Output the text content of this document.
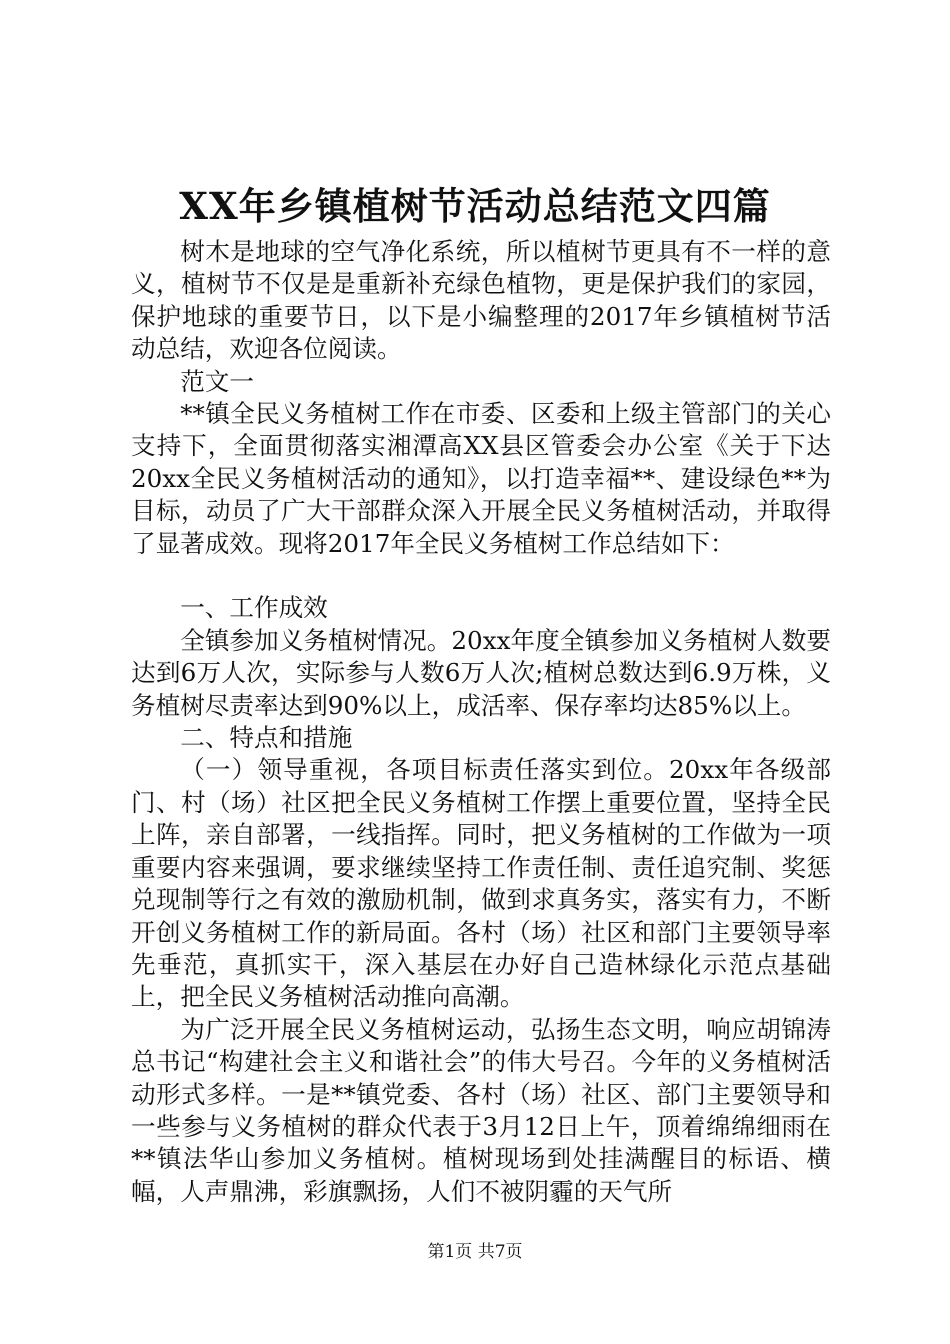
XX年乡镇植树节活动总结范文四篇

树木是地球的空气净化系统，所以植树节更具有不一样的意义，植树节不仅是是重新补充绿色植物，更是保护我们的家园，保护地球的重要节日，以下是小编整理的2017年乡镇植树节活动总结，欢迎各位阅读。

范文一

**镇全民义务植树工作在市委、区委和上级主管部门的关心支持下，全面贯彻落实湘潭高XX县区管委会办公室《关于下达20xx全民义务植树活动的通知》，以打造幸福**、建设绿色**为目标，动员了广大干部群众深入开展全民义务植树活动，并取得了显著成效。现将2017年全民义务植树工作总结如下：

一、工作成效

全镇参加义务植树情况。20xx年度全镇参加义务植树人数要达到6万人次，实际参与人数6万人次;植树总数达到6.9万株，义务植树尽责率达到90%以上，成活率、保存率均达85%以上。

二、特点和措施

（一）领导重视，各项目标责任落实到位。20xx年各级部门、村（场）社区把全民义务植树工作摆上重要位置，坚持全民上阵，亲自部署，一线指挥。同时，把义务植树的工作做为一项重要内容来强调，要求继续坚持工作责任制、责任追究制、奖惩兑现制等行之有效的激励机制，做到求真务实，落实有力，不断开创义务植树工作的新局面。各村（场）社区和部门主要领导率先垂范，真抓实干，深入基层在办好自己造林绿化示范点基础上，把全民义务植树活动推向高潮。

为广泛开展全民义务植树运动，弘扬生态文明，响应胡锦涛总书记“构建社会主义和谐社会”的伟大号召。今年的义务植树活动形式多样。一是**镇党委、各村（场）社区、部门主要领导和一些参与义务植树的群众代表于3月12日上午，顶着绵绵细雨在**镇法华山参加义务植树。植树现场到处挂满醒目的标语、横幅，人声鼎沸，彩旗飘扬，人们不被阴霾的天气所

第1页 共7页
